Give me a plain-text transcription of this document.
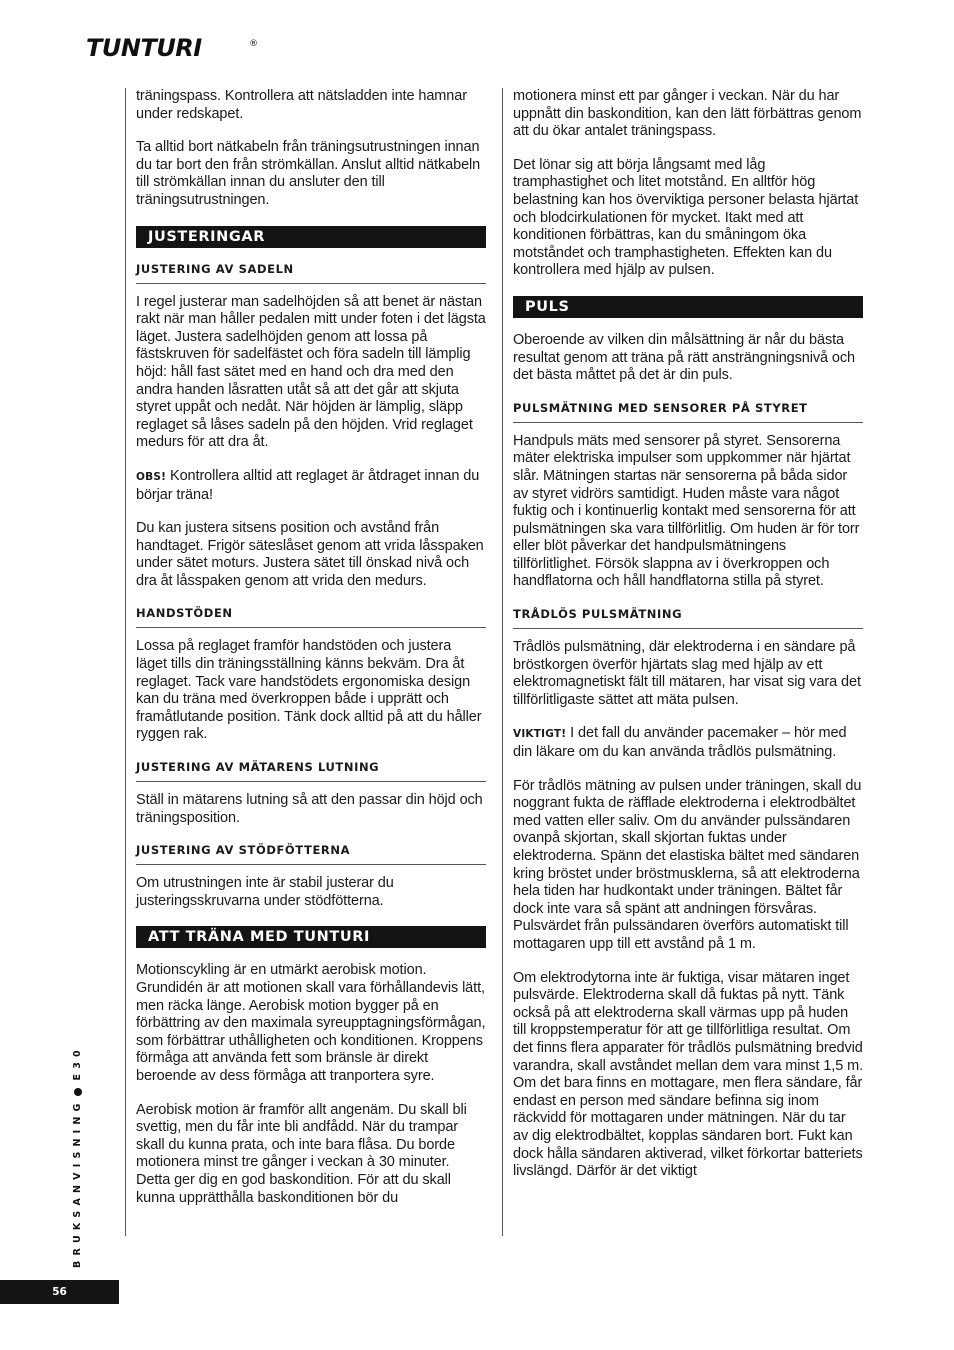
TUNTURI	®

träningspass. Kontrollera att nätsladden inte hamnar under redskapet.

Ta alltid bort nätkabeln från träningsutrustningen innan du tar bort den från strömkällan. Anslut alltid nätkabeln till strömkällan innan du ansluter den till träningsutrustningen.

JUSTERINGAR
JUSTERING AV SADELN

I regel justerar man sadelhöjden så att benet är nästan rakt när man håller pedalen mitt under foten i det lägsta läget. Justera sadelhöjden genom att lossa på fästskruven för sadelfästet och föra sadeln till lämplig höjd: håll fast sätet med en hand och dra med den andra handen låsratten utåt så att det går att skjuta styret uppåt och nedåt. När höjden är lämplig, släpp reglaget så låses sadeln på den höjden. Vrid reglaget medurs för att dra åt.

OBS! Kontrollera alltid att reglaget är åtdraget innan du börjar träna!

Du kan justera sitsens position och avstånd från handtaget. Frigör säteslåset genom att vrida låsspaken under sätet moturs. Justera sätet till önskad nivå och dra åt låsspaken genom att vrida den medurs.

HANDSTÖDEN

Lossa på reglaget framför handstöden och justera läget tills din träningsställning känns bekväm. Dra åt reglaget. Tack vare handstödets ergonomiska design kan du träna med överkroppen både i upprätt och framåtlutande position. Tänk dock alltid på att du håller ryggen rak.

JUSTERING AV MÄTARENS LUTNING

Ställ in mätarens lutning så att den passar din höjd och träningsposition.

JUSTERING AV STÖDFÖTTERNA

Om utrustningen inte är stabil justerar du justeringsskruvarna under stödfötterna.

ATT TRÄNA MED TUNTURI

Motionscykling är en utmärkt aerobisk motion. Grundidén är att motionen skall vara förhållandevis lätt, men räcka länge. Aerobisk motion bygger på en förbättring av den maximala syreupptagningsförmågan, som förbättrar uthålligheten och konditionen. Kroppens förmåga att använda fett som bränsle är direkt beroende av dess förmåga att tranportera syre.

Aerobisk motion är framför allt angenäm. Du skall bli svettig, men du får inte bli andfådd. När du trampar skall du kunna prata, och inte bara flåsa. Du borde motionera minst tre gånger i veckan à 30 minuter. Detta ger dig en god baskondition. För att du skall kunna upprätthålla baskonditionen bör du

motionera minst ett par gånger i veckan. När du har uppnått din baskondition, kan den lätt förbättras genom att du ökar antalet träningspass.

Det lönar sig att börja långsamt med låg tramphastighet och litet motstånd. En alltför hög belastning kan hos överviktiga personer belasta hjärtat och blodcirkulationen för mycket. Itakt med att konditionen förbättras, kan du småningom öka motståndet och tramphastigheten. Effekten kan du kontrollera med hjälp av pulsen.

PULS

Oberoende av vilken din målsättning är når du bästa resultat genom att träna på rätt ansträngningsnivå och det bästa måttet på det är din puls.

PULSMÄTNING MED SENSORER PÅ STYRET

Handpuls mäts med sensorer på styret. Sensorerna mäter elektriska impulser som uppkommer när hjärtat slår. Mätningen startas när sensorerna på båda sidor av styret vidrörs samtidigt. Huden måste vara något fuktig och i kontinuerlig kontakt med sensorerna för att pulsmätningen ska vara tillförlitlig. Om huden är för torr eller blöt påverkar det handpulsmätningens tillförlitlighet. Försök slappna av i överkroppen och handflatorna och håll handflatorna stilla på styret.

TRÅDLÖS PULSMÄTNING

Trådlös pulsmätning, där elektroderna i en sändare på bröstkorgen överför hjärtats slag med hjälp av ett elektromagnetiskt fält till mätaren, har visat sig vara det tillförlitligaste sättet att mäta pulsen.

VIKTIGT! I det fall du använder pacemaker – hör med din läkare om du kan använda trådlös pulsmätning.

För trådlös mätning av pulsen under träningen, skall du noggrant fukta de räfflade elektroderna i elektrodbältet med vatten eller saliv. Om du använder pulssändaren ovanpå skjortan, skall skjortan fuktas under elektroderna. Spänn det elastiska bältet med sändaren kring bröstet under bröstmusklerna, så att elektroderna hela tiden har hudkontakt under träningen. Bältet får dock inte vara så spänt att andningen försvåras. Pulsvärdet från pulssändaren överförs automatiskt till mottagaren upp till ett avstånd på 1 m.

Om elektrodytorna inte är fuktiga, visar mätaren inget pulsvärde. Elektroderna skall då fuktas på nytt. Tänk också på att elektroderna skall värmas upp på huden till kroppstemperatur för att ge tillförlitliga resultat. Om det finns flera apparater för trådlös pulsmätning bredvid varandra, skall avståndet mellan dem vara minst 1,5 m. Om det bara finns en mottagare, men flera sändare, får endast en person med sändare befinna sig inom räckvidd för mottagaren under mätningen. När du tar av dig elektrodbältet, kopplas sändaren bort. Fukt kan dock hålla sändaren aktiverad, vilket förkortar batteriets livslängd. Därför är det viktigt

BRUKSANVISNINGE30
56
